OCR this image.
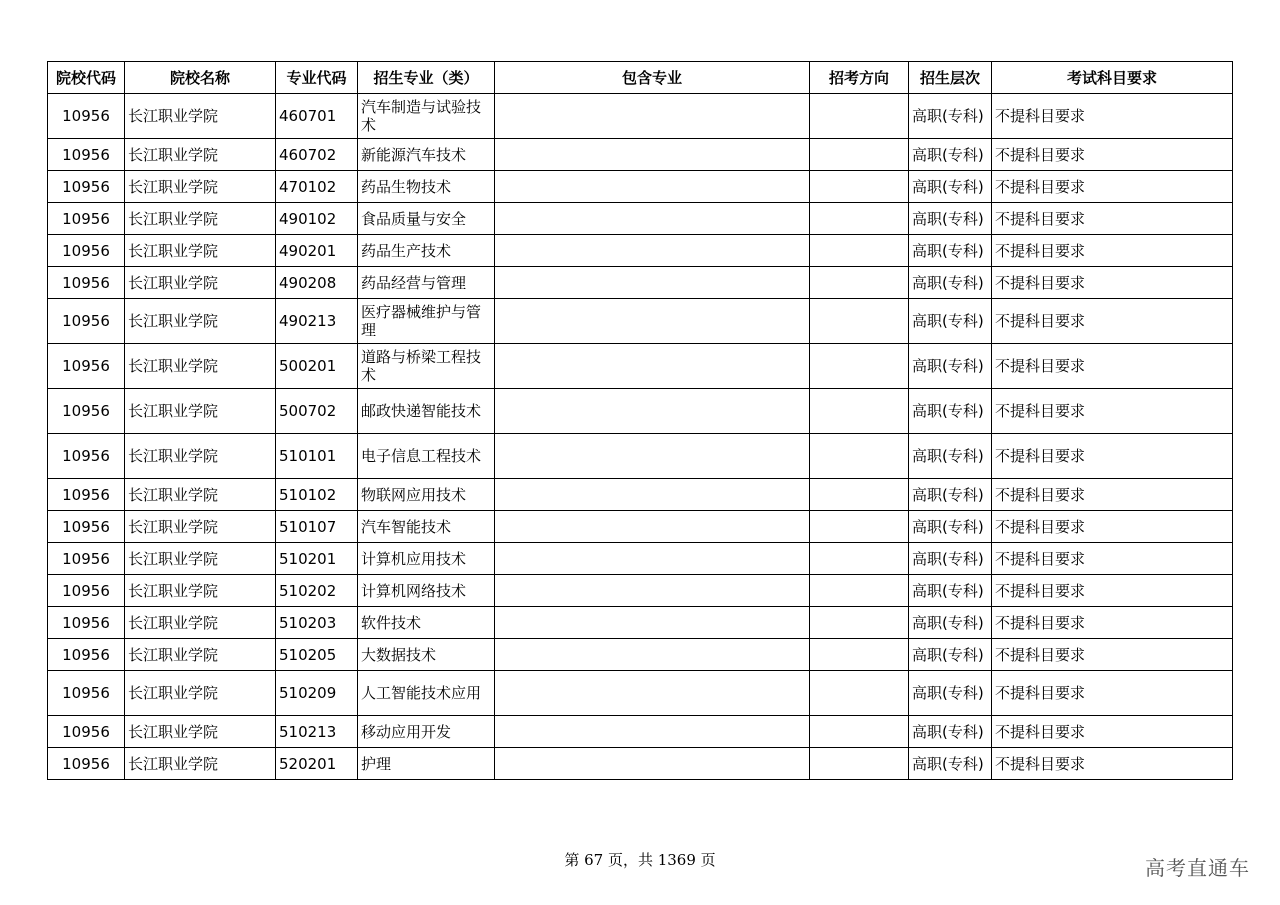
院校代码	院校名称	专业代码	招生专业（类）	包含专业	招考方向	招生层次	考试科目要求
10956	长江职业学院	460701	汽车制造与试验技术			高职(专科)	不提科目要求
10956	长江职业学院	460702	新能源汽车技术			高职(专科)	不提科目要求
10956	长江职业学院	470102	药品生物技术			高职(专科)	不提科目要求
10956	长江职业学院	490102	食品质量与安全			高职(专科)	不提科目要求
10956	长江职业学院	490201	药品生产技术			高职(专科)	不提科目要求
10956	长江职业学院	490208	药品经营与管理			高职(专科)	不提科目要求
10956	长江职业学院	490213	医疗器械维护与管理			高职(专科)	不提科目要求
10956	长江职业学院	500201	道路与桥梁工程技术			高职(专科)	不提科目要求
10956	长江职业学院	500702	邮政快递智能技术			高职(专科)	不提科目要求
10956	长江职业学院	510101	电子信息工程技术			高职(专科)	不提科目要求
10956	长江职业学院	510102	物联网应用技术			高职(专科)	不提科目要求
10956	长江职业学院	510107	汽车智能技术			高职(专科)	不提科目要求
10956	长江职业学院	510201	计算机应用技术			高职(专科)	不提科目要求
10956	长江职业学院	510202	计算机网络技术			高职(专科)	不提科目要求
10956	长江职业学院	510203	软件技术			高职(专科)	不提科目要求
10956	长江职业学院	510205	大数据技术			高职(专科)	不提科目要求
10956	长江职业学院	510209	人工智能技术应用			高职(专科)	不提科目要求
10956	长江职业学院	510213	移动应用开发			高职(专科)	不提科目要求
10956	长江职业学院	520201	护理			高职(专科)	不提科目要求
第 67 页，共 1369 页	高考直通车
